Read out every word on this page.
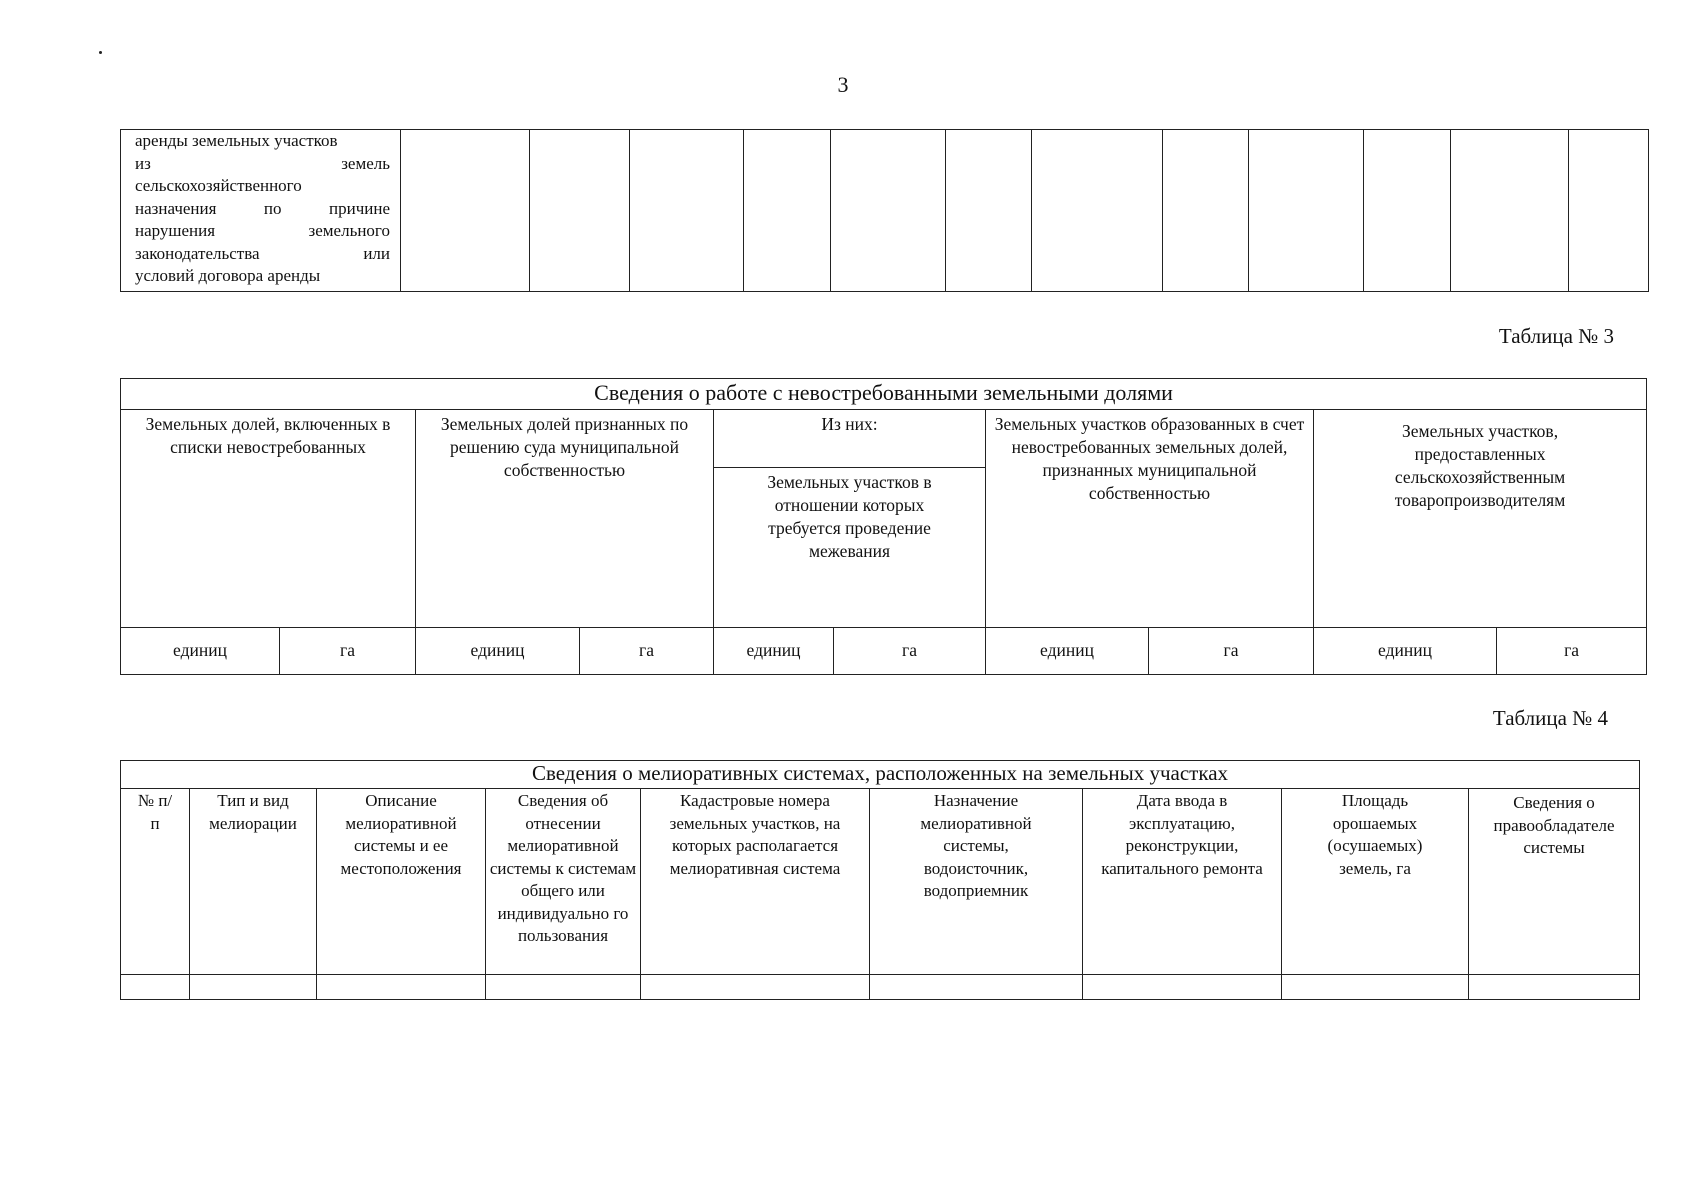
3
аренды земельных участков
из земель
сельскохозяйственного
назначения по причине
нарушения земельного
законодательства или
условий договора аренды

Таблица № 3
Сведения о работе с невостребованными земельными долями									
Земельных долей, включенных в списки невостребованных		Земельных долей признанных по решению суда муниципальной собственностью		Из них:		Земельных участков образованных в счет невостребованных земельных долей, признанных муниципальной собственностью		Земельных участков, предоставленных сельскохозяйственным товаропроизводителям	
				Земельных участков в отношении которых требуется проведение межевания					
единиц	га	единиц	га	единиц	га	единиц	га	единиц	га
Таблица № 4
Сведения о мелиоративных системах, расположенных на земельных участках								
№ п/п	Тип и вид мелиорации	Описание мелиоративной системы и ее местоположения	Сведения об отнесении мелиоративной системы к системам общего или индивидуально го пользования	Кадастровые номера земельных участков, на которых располагается мелиоративная система	Назначение мелиоративной системы, водоисточник, водоприемник	Дата ввода в эксплуатацию, реконструкции, капитального ремонта	Площадь орошаемых (осушаемых) земель, га	Сведения о правообладателе системы
